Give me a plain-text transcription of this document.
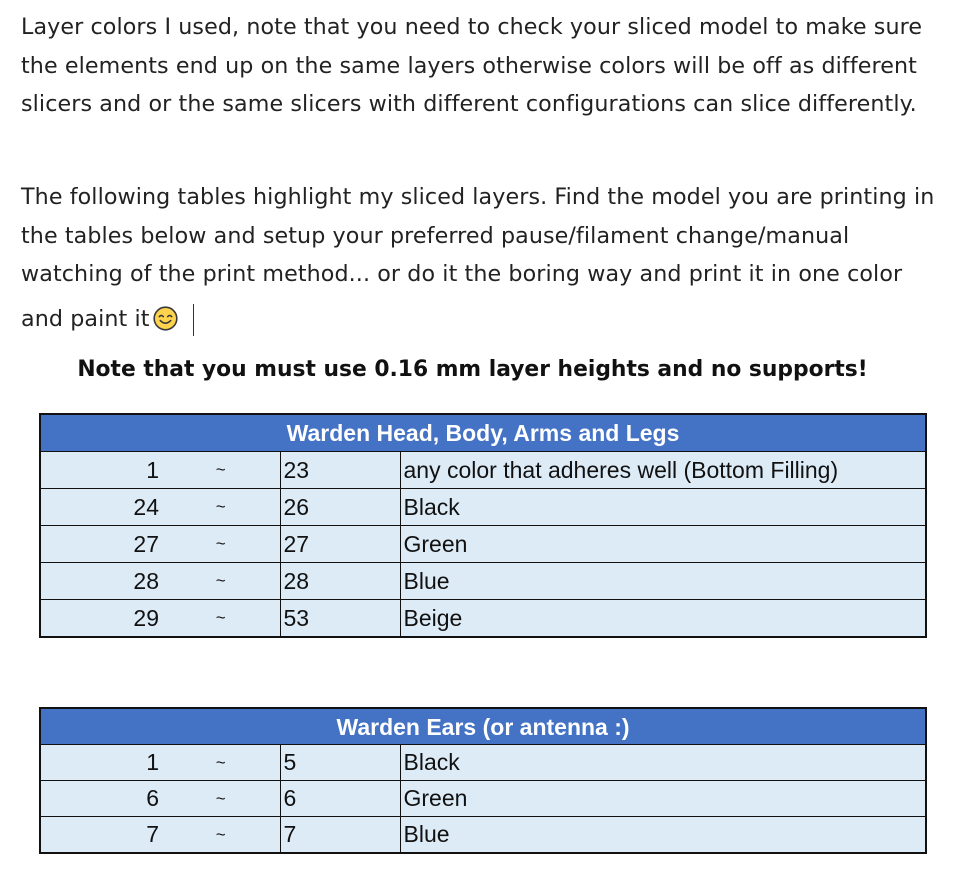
Layer colors I used, note that you need to check your sliced model to make sure the elements end up on the same layers otherwise colors will be off as different slicers and or the same slicers with different configurations can slice differently.

The following tables highlight my sliced layers. Find the model you are printing in the tables below and setup your preferred pause/filament change/manual watching of the print method... or do it the boring way and print it in one color and paint it

Note that you must use 0.16 mm layer heights and no supports!
Warden Head, Body, Arms and Legs			
1	~	23	any color that adheres well (Bottom Filling)
24	~	26	Black
27	~	27	Green
28	~	28	Blue
29	~	53	Beige
Warden Ears (or antenna :)			
1	~	5	Black
6	~	6	Green
7	~	7	Blue
